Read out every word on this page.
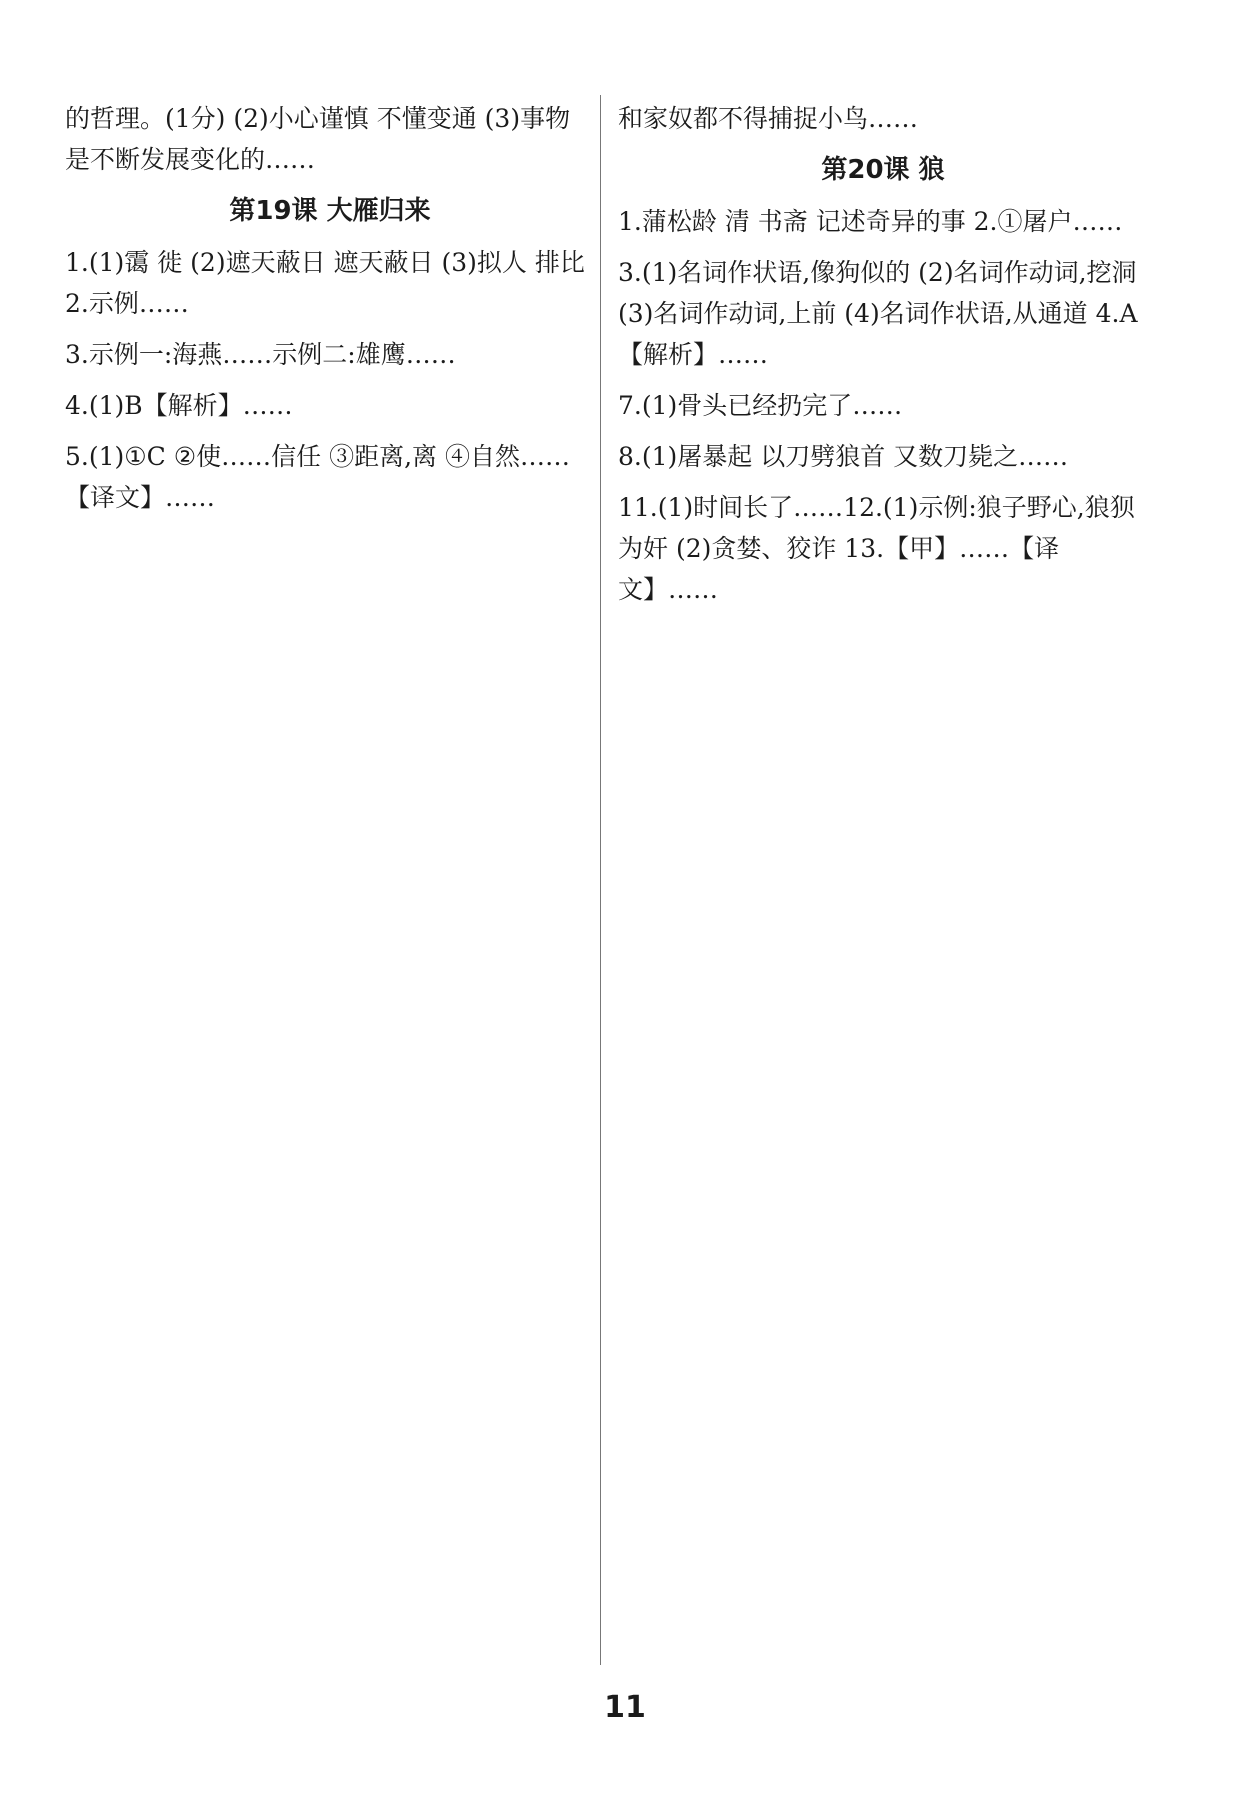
的哲理。(1分) (2)小心谨慎 不懂变通 (3)事物是不断发展变化的……

第19课 大雁归来

1.(1)霭 徙 (2)遮天蔽日 遮天蔽日 (3)拟人 排比 2.示例……

3.示例一:海燕……示例二:雄鹰……

4.(1)B【解析】……

5.(1)①C ②使……信任 ③距离,离 ④自然……【译文】……

和家奴都不得捕捉小鸟……

第20课 狼

1.蒲松龄 清 书斋 记述奇异的事 2.①屠户……

3.(1)名词作状语,像狗似的 (2)名词作动词,挖洞 (3)名词作动词,上前 (4)名词作状语,从通道 4.A【解析】……

7.(1)骨头已经扔完了……

8.(1)屠暴起 以刀劈狼首 又数刀毙之……

11.(1)时间长了……12.(1)示例:狼子野心,狼狈为奸 (2)贪婪、狡诈 13.【甲】……【译文】……

11
